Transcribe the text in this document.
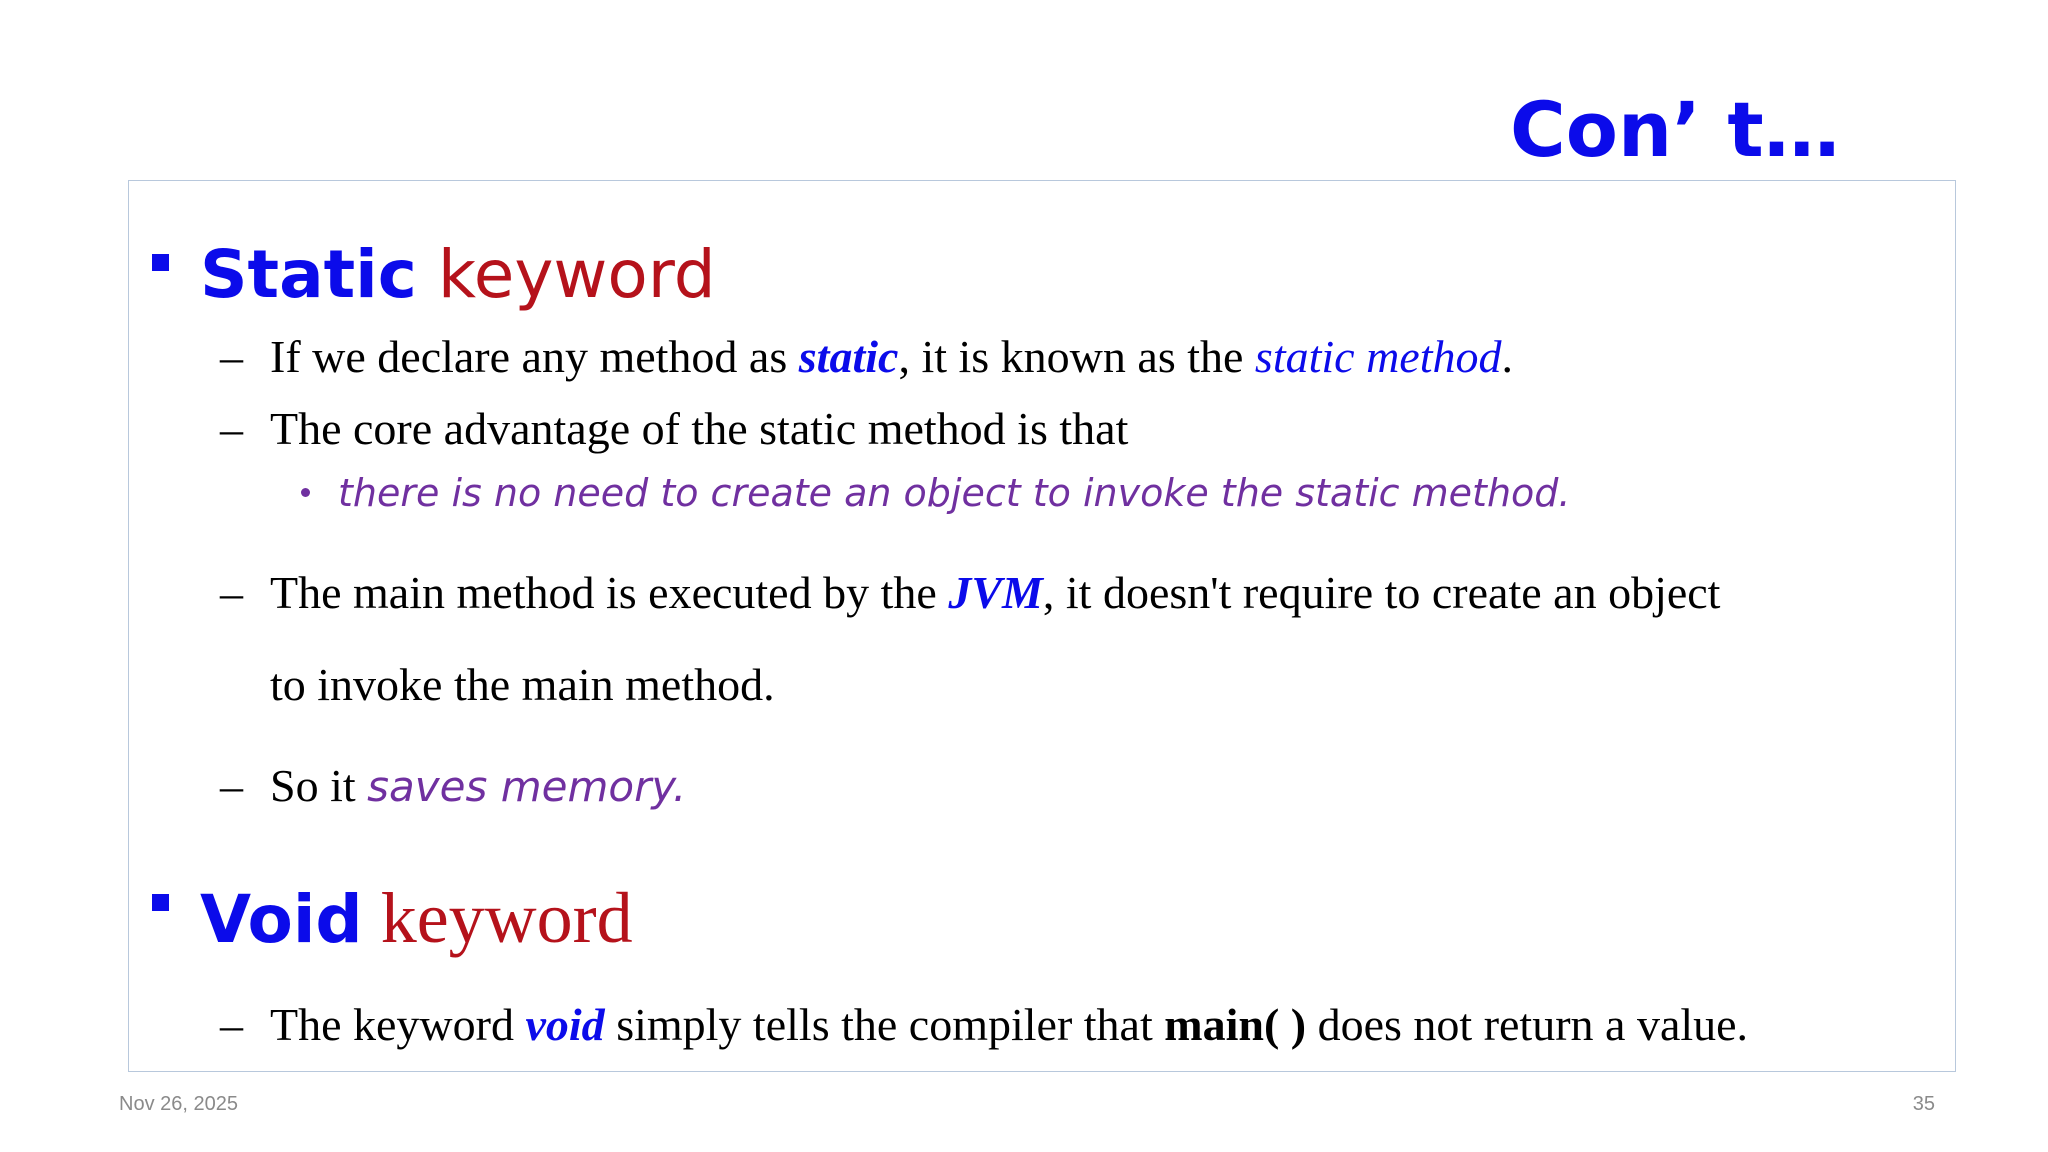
Con’ t…
Static keyword
– If we declare any method as static, it is known as the static method.
– The core advantage of the static method is that
there is no need to create an object to invoke the static method.
– The main method is executed by the JVM, it doesn't require to create an object
to invoke the main method.
– So it saves memory.
Void keyword
– The keyword void simply tells the compiler that main( ) does not return a value.
Nov 26, 2025	35
